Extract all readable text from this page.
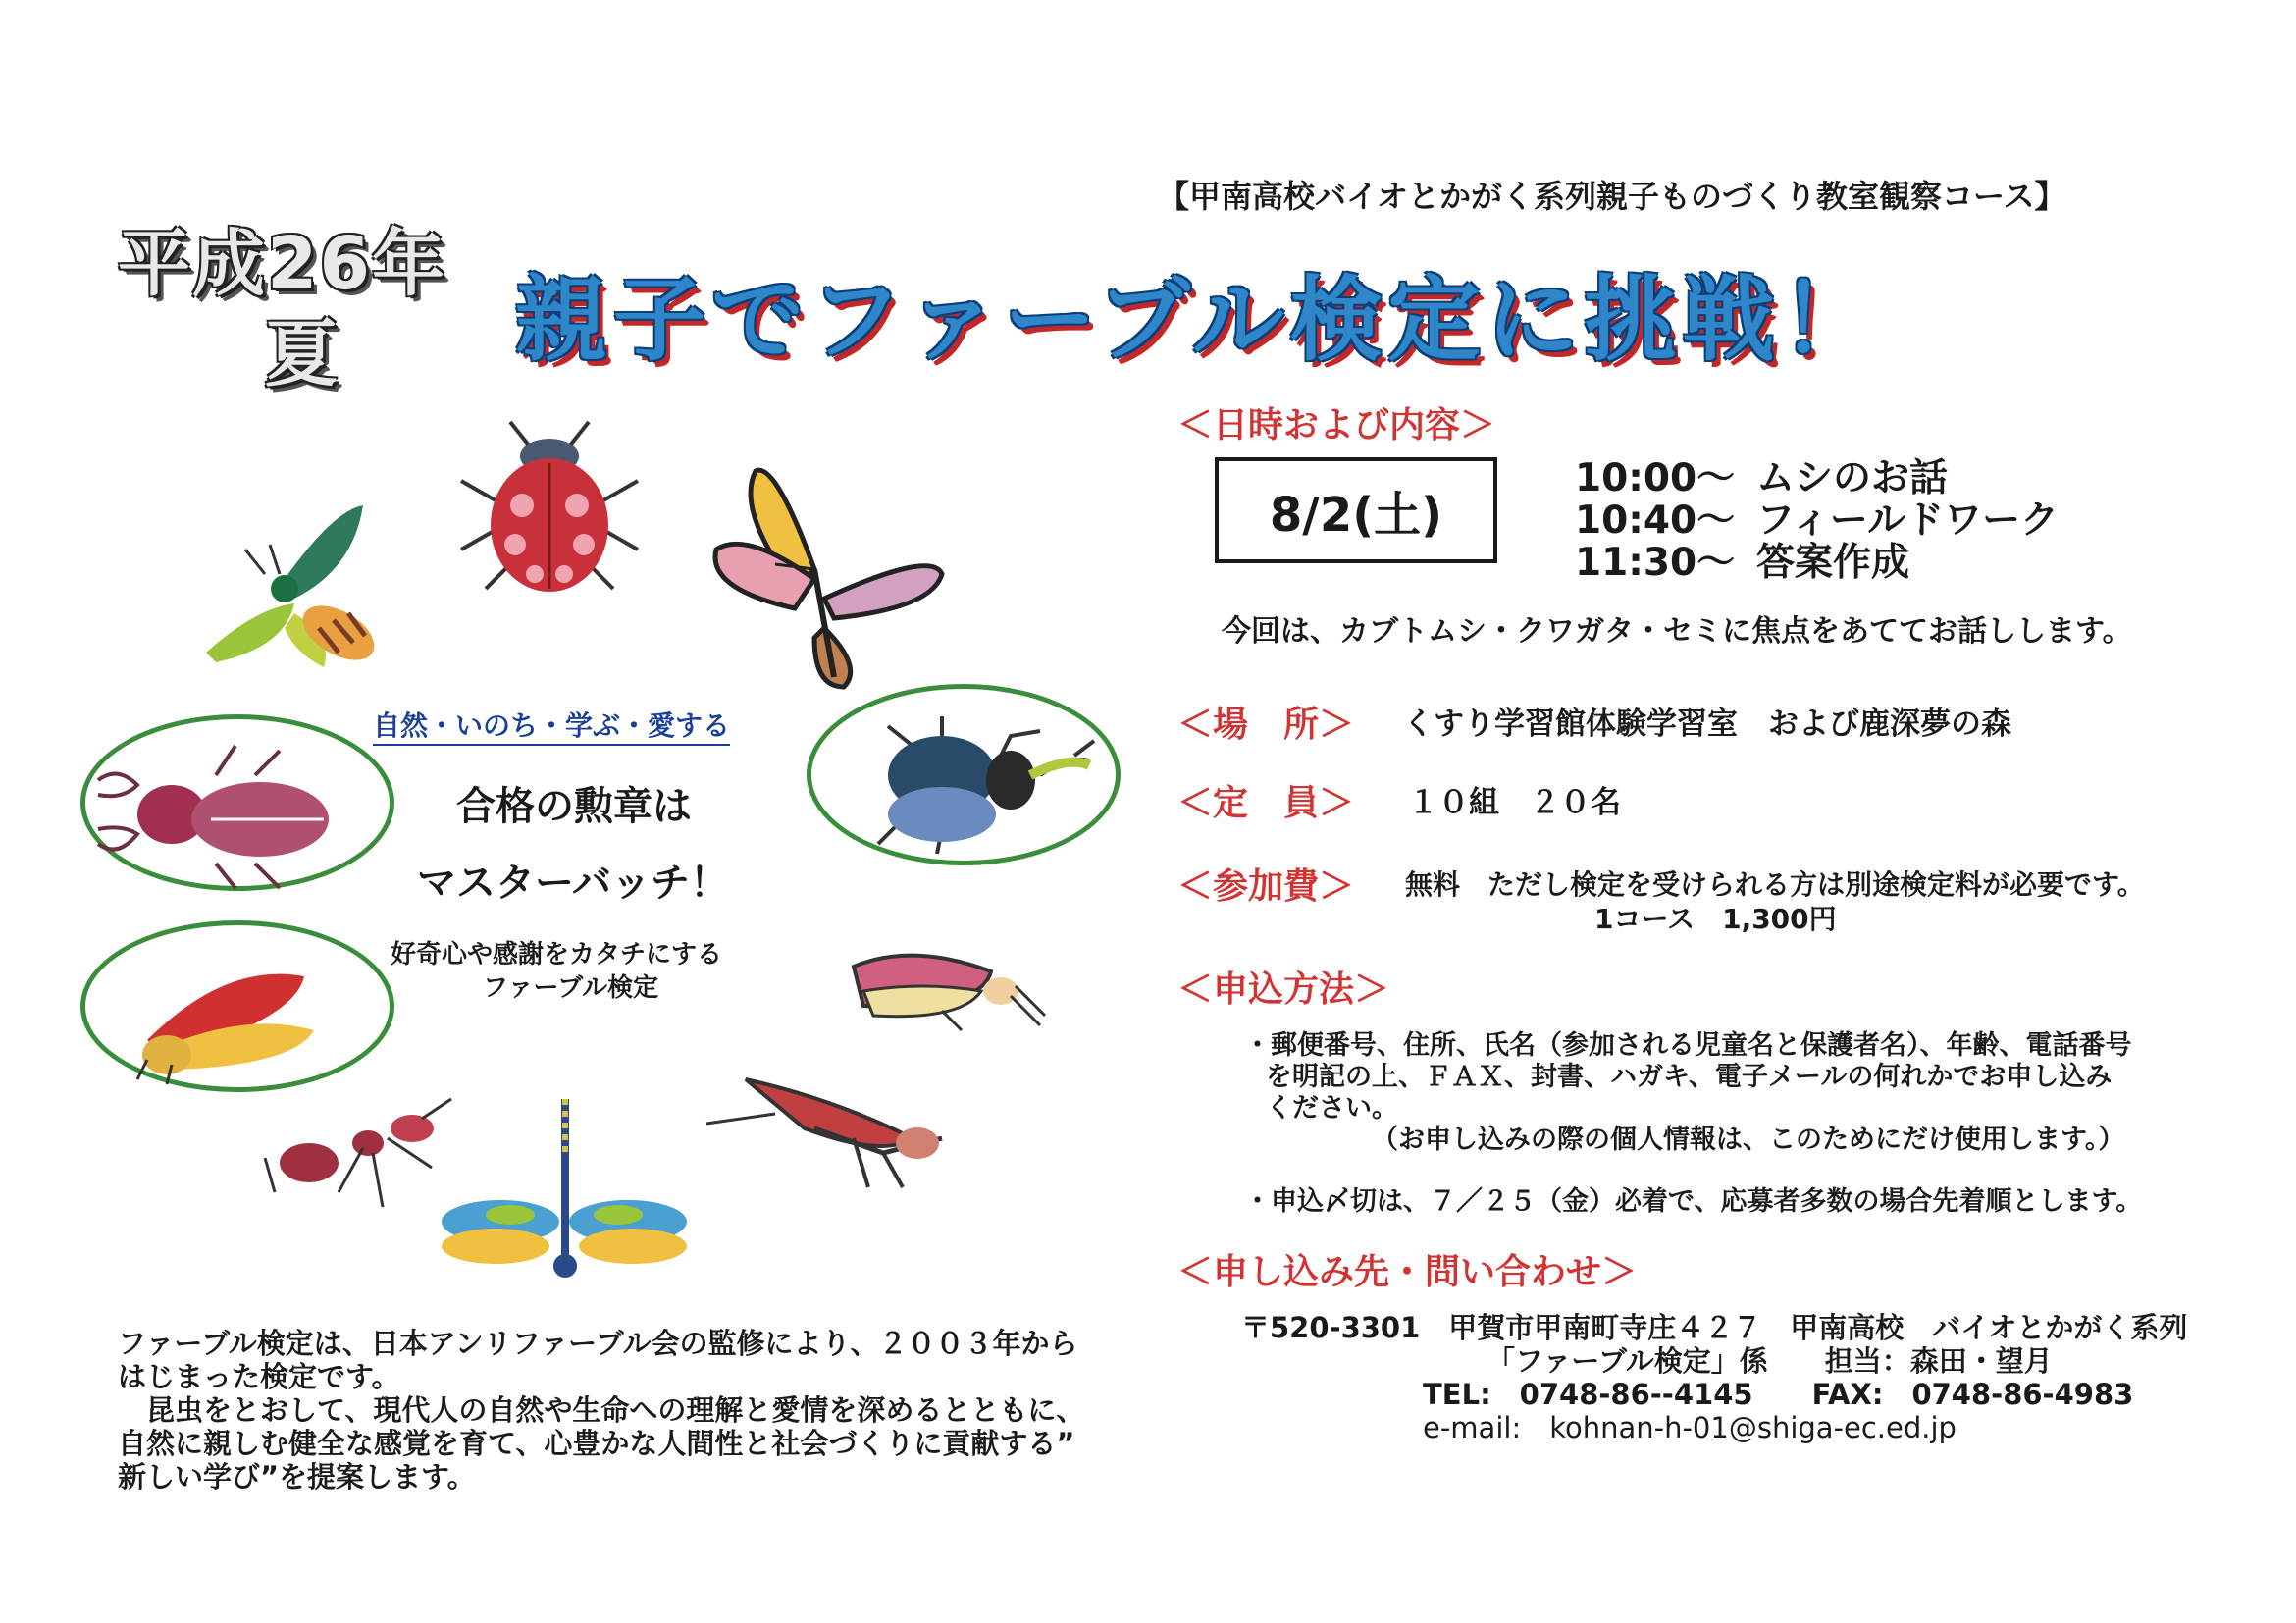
平成26年
夏
【甲南高校バイオとかがく系列親子ものづくり教室観察コース】
親子でファーブル検定に挑戦！
＜日時および内容＞
8/2(土)
10:00〜 ムシのお話
10:40〜 フィールドワーク
11:30〜 答案作成
今回は、カブトムシ・クワガタ・セミに焦点をあててお話しします。
＜場　所＞ くすり学習館体験学習室　および鹿深夢の森
＜定　員＞ １０組　２０名
＜参加費＞ 無料　ただし検定を受けられる方は別途検定料が必要です。
1コース　1,300円
＜申込方法＞
・郵便番号、住所、氏名（参加される児童名と保護者名）、年齢、電話番号
を明記の上、ＦＡＸ、封書、ハガキ、電子メールの何れかでお申し込み
ください。
（お申し込みの際の個人情報は、このためにだけ使用します。）
・申込〆切は、７／２５（金）必着で、応募者多数の場合先着順とします。
＜申し込み先・問い合わせ＞
〒520-3301　甲賀市甲南町寺庄４２７　甲南高校　バイオとかがく系列
「ファーブル検定」係　　担当：森田・望月
TEL:　0748-86--4145 FAX:　0748-86-4983
e-mail:　kohnan-h-01@shiga-ec.ed.jp
自然・いのち・学ぶ・愛する
合格の勲章は
マスターバッチ！
好奇心や感謝をカタチにする
ファーブル検定

ファーブル検定は、日本アンリファーブル会の監修により、２００３年から

はじまった検定です。

　昆虫をとおして、現代人の自然や生命への理解と愛情を深めるとともに、

自然に親しむ健全な感覚を育て、心豊かな人間性と社会づくりに貢献する”

新しい学び”を提案します。
